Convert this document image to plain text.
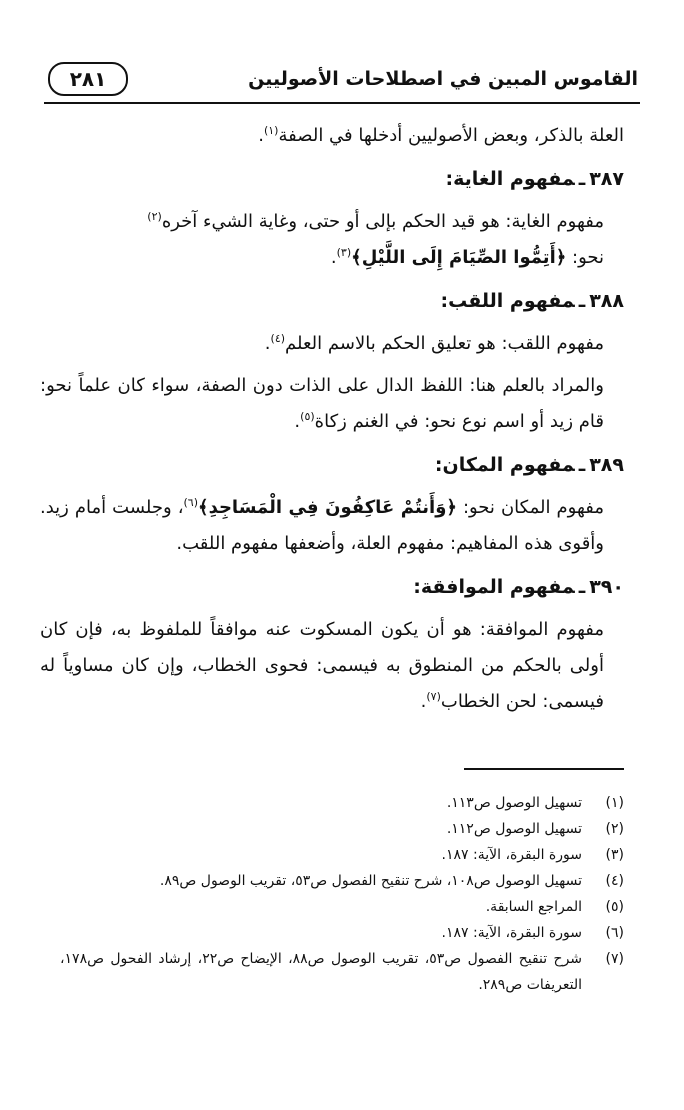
القاموس المبين في اصطلاحات الأصوليين
٢٨١

العلة بالذكر، وبعض الأصوليين أدخلها في الصفة$^{(١)}$.

٣٨٧ـمفهوم الغاية:

مفهوم الغاية: هو قيد الحكم بإلى أو حتى، وغاية الشيء آخره$^{(٢)}$

نحو: ﴿أَتِمُّوا الصِّيَامَ إِلَى اللَّيْلِ﴾$^{(٣)}$.

٣٨٨ـمفهوم اللقب:

مفهوم اللقب: هو تعليق الحكم بالاسم العلم$^{(٤)}$.

والمراد بالعلم هنا: اللفظ الدال على الذات دون الصفة، سواء كان علماً نحو: قام زيد أو اسم نوع نحو: في الغنم زكاة$^{(٥)}$.

٣٨٩ـمفهوم المكان:

مفهوم المكان نحو: ﴿وَأَنتُمْ عَاكِفُونَ فِي الْمَسَاجِدِ﴾$^{(٦)}$، وجلست أمام زيد. وأقوى هذه المفاهيم: مفهوم العلة، وأضعفها مفهوم اللقب.

٣٩٠ـمفهوم الموافقة:

مفهوم الموافقة: هو أن يكون المسكوت عنه موافقاً للملفوظ به، فإن كان أولى بالحكم من المنطوق به فيسمى: فحوى الخطاب، وإن كان مساوياً له فيسمى: لحن الخطاب$^{(٧)}$.

(١)
تسهيل الوصول ص١١٣.
(٢)
تسهيل الوصول ص١١٢.
(٣)
سورة البقرة، الآية: ١٨٧.
(٤)
تسهيل الوصول ص١٠٨، شرح تنقيح الفصول ص٥٣، تقريب الوصول ص٨٩.
(٥)
المراجع السابقة.
(٦)
سورة البقرة، الآية: ١٨٧.
(٧)
شرح تنقيح الفصول ص٥٣، تقريب الوصول ص٨٨، الإيضاح ص٢٢، إرشاد الفحول ص١٧٨، التعريفات ص٢٨٩.
